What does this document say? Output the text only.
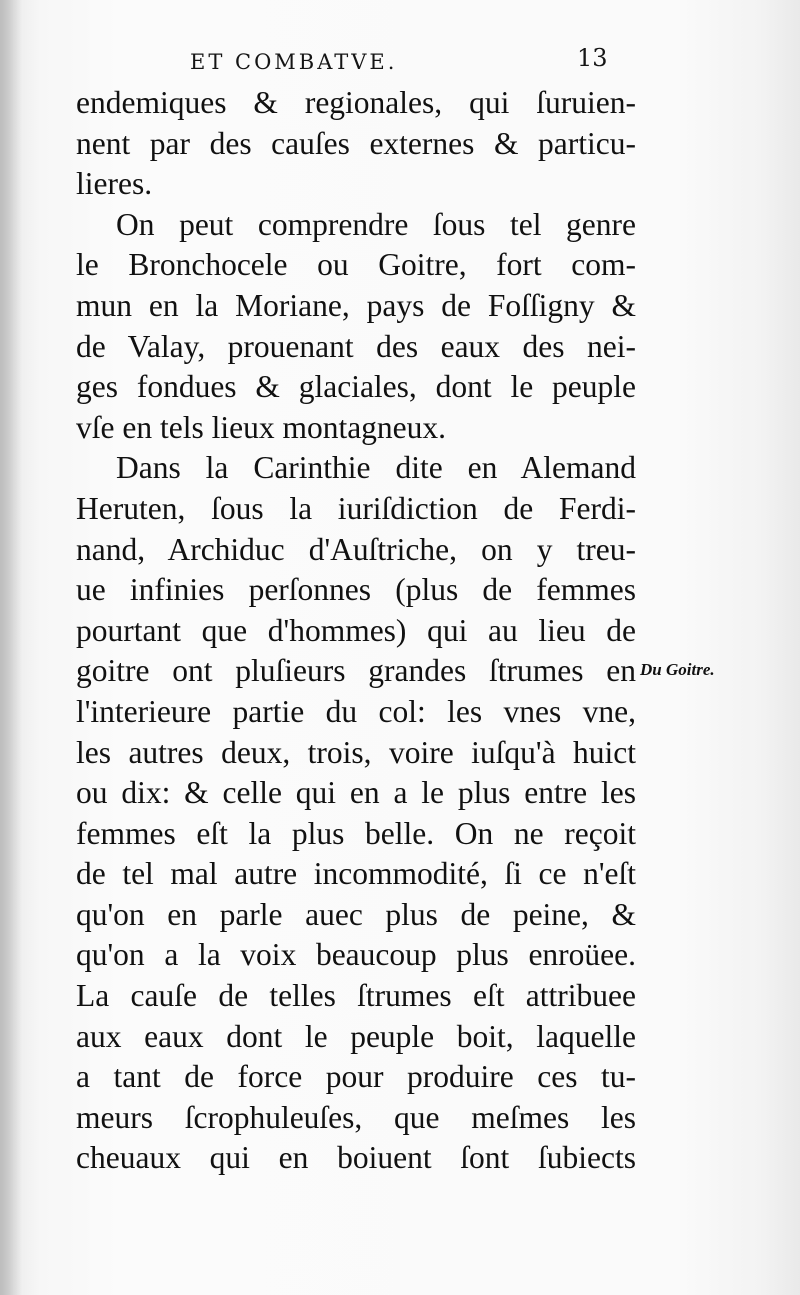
ET COMBATVE.	13
endemiques & regionales, qui ſuruien-
nent par des cauſes externes & particu-
lieres.
On peut comprendre ſous tel genre
le Bronchocele ou Goitre, fort com-
mun en la Moriane, pays de Foſſigny &
de Valay, prouenant des eaux des nei-
ges fondues & glaciales, dont le peuple
vſe en tels lieux montagneux.
Dans la Carinthie dite en Alemand
Heruten, ſous la iuriſdiction de Ferdi-
nand, Archiduc d'Auſtriche, on y treu-
ue infinies perſonnes (plus de femmes
pourtant que d'hommes) qui au lieu de
goitre ont pluſieurs grandes ſtrumes en
l'interieure partie du col: les vnes vne,
les autres deux, trois, voire iuſqu'à huict
ou dix: & celle qui en a le plus entre les
femmes eſt la plus belle. On ne reçoit
de tel mal autre incommodité, ſi ce n'eſt
qu'on en parle auec plus de peine, &
qu'on a la voix beaucoup plus enroüee.
La cauſe de telles ſtrumes eſt attribuee
aux eaux dont le peuple boit, laquelle
a tant de force pour produire ces tu-
meurs ſcrophuleuſes, que meſmes les
cheuaux qui en boiuent ſont ſubiects
Du Goitre.
